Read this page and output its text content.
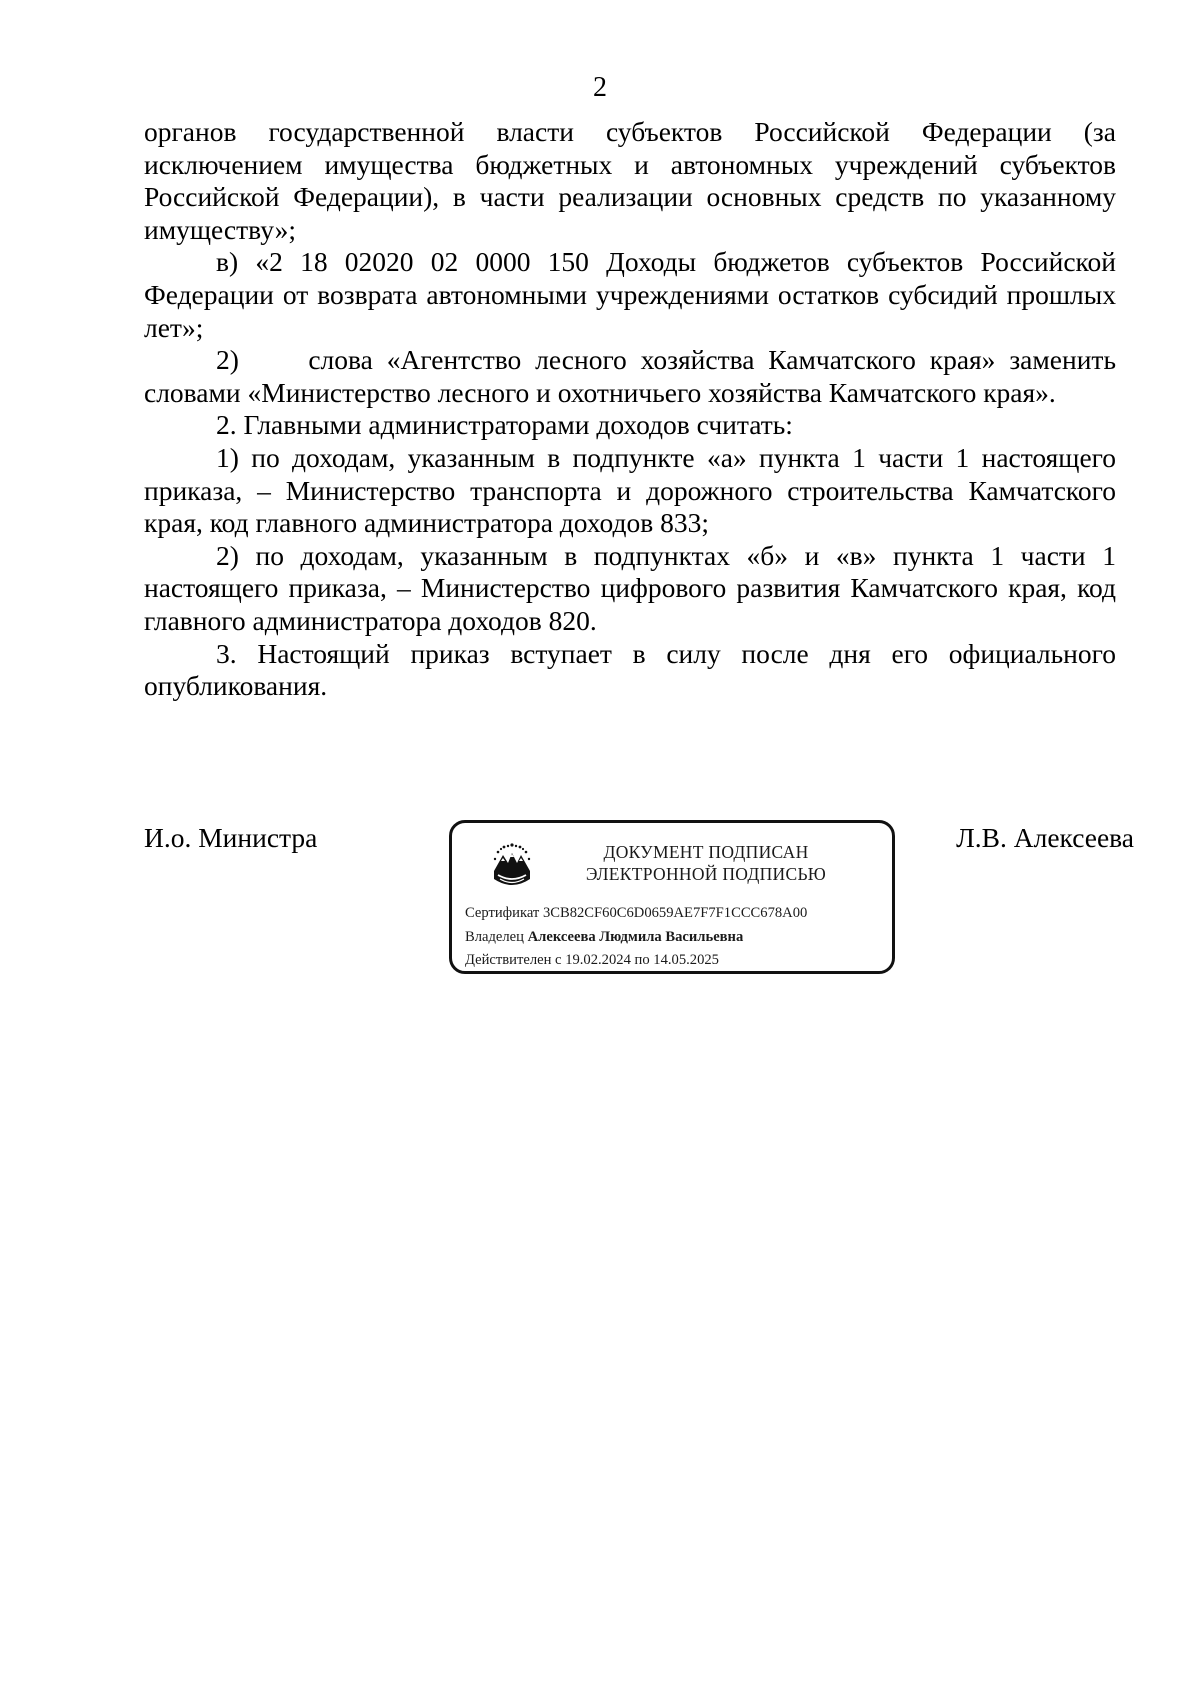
2

органов государственной власти субъектов Российской Федерации (за исключением имущества бюджетных и автономных учреждений субъектов Российской Федерации), в части реализации основных средств по указанному имуществу»;

в) «2 18 02020 02 0000 150 Доходы бюджетов субъектов Российской Федерации от возврата автономными учреждениями остатков субсидий прошлых лет»;

2)     слова «Агентство лесного хозяйства Камчатского края» заменить словами «Министерство лесного и охотничьего хозяйства Камчатского края».

2. Главными администраторами доходов считать:

1) по доходам, указанным в подпункте «а» пункта 1 части 1 настоящего приказа, – Министерство транспорта и дорожного строительства Камчатского края, код главного администратора доходов 833;

2) по доходам, указанным в подпунктах «б» и «в» пункта 1 части 1 настоящего приказа, – Министерство цифрового развития Камчатского края, код главного администратора доходов 820.

3. Настоящий приказ вступает в силу после дня его официального опубликования.

И.о. Министра	ДОКУМЕНТ ПОДПИСАН
ЭЛЕКТРОННОЙ ПОДПИСЬЮ
Сертификат 3CB82CF60C6D0659AE7F7F1CCC678A00
Владелец Алексеева Людмила Васильевна
Действителен с 19.02.2024 по 14.05.2025
Л.В. Алексеева
